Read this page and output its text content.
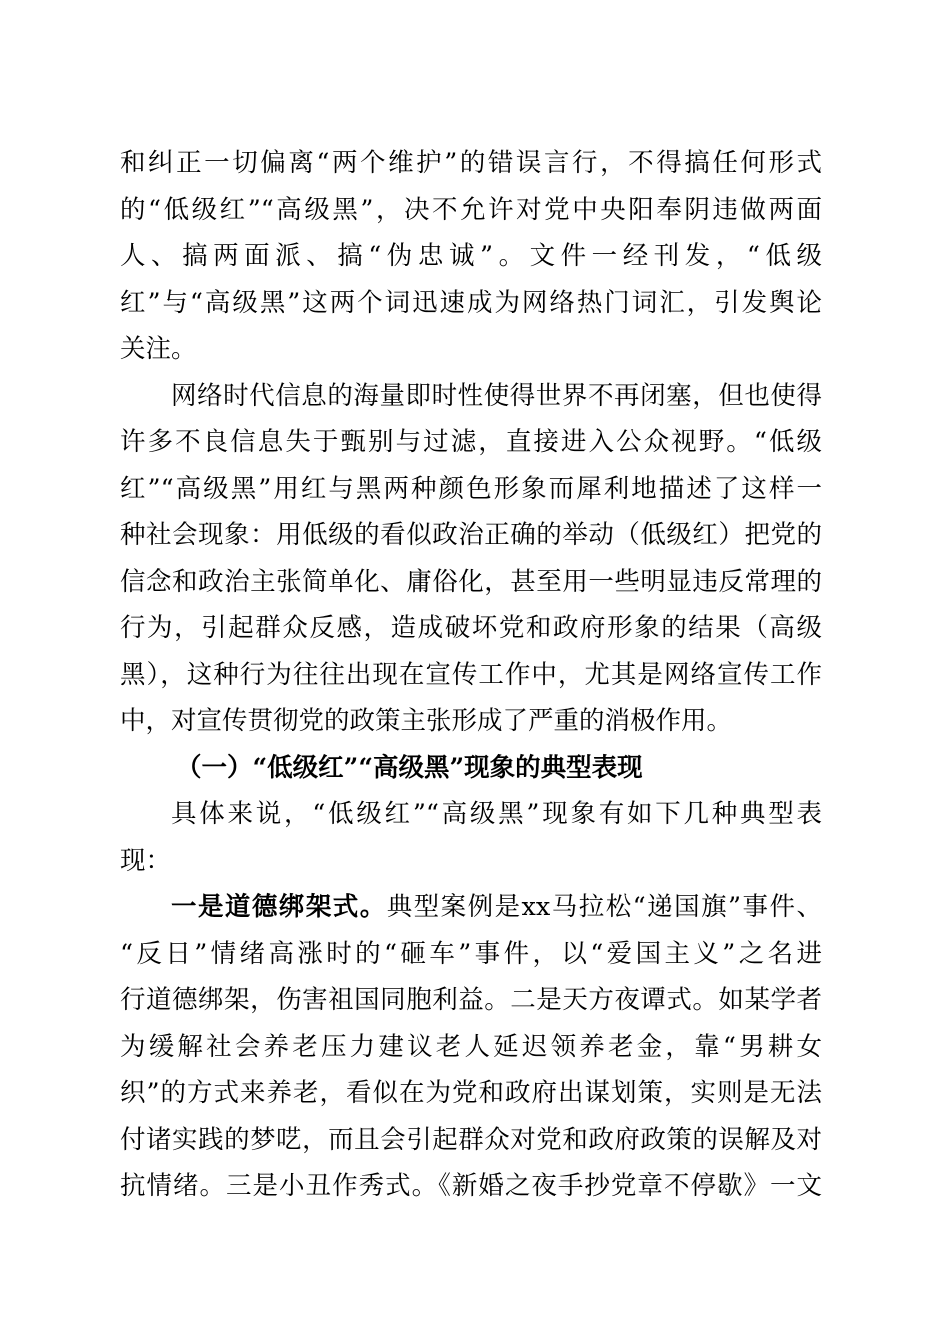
和纠正一切偏离“两个维护”的错误言行，不得搞任何形式
的“低级红”“高级黑”，决不允许对党中央阳奉阴违做两面
人、搞两面派、搞“伪忠诚”。文件一经刊发，“低级
红”与“高级黑”这两个词迅速成为网络热门词汇，引发舆论
关注。
网络时代信息的海量即时性使得世界不再闭塞，但也使得
许多不良信息失于甄别与过滤，直接进入公众视野。“低级
红”“高级黑”用红与黑两种颜色形象而犀利地描述了这样一
种社会现象：用低级的看似政治正确的举动（低级红）把党的
信念和政治主张简单化、庸俗化，甚至用一些明显违反常理的
行为，引起群众反感，造成破坏党和政府形象的结果（高级
黑），这种行为往往出现在宣传工作中，尤其是网络宣传工作
中，对宣传贯彻党的政策主张形成了严重的消极作用。
（一）“低级红”“高级黑”现象的典型表现
具体来说，“低级红”“高级黑”现象有如下几种典型表
现：
一是道德绑架式。典型案例是xx马拉松“递国旗”事件、
“反日”情绪高涨时的“砸车”事件，以“爱国主义”之名进
行道德绑架，伤害祖国同胞利益。二是天方夜谭式。如某学者
为缓解社会养老压力建议老人延迟领养老金，靠“男耕女
织”的方式来养老，看似在为党和政府出谋划策，实则是无法
付诸实践的梦呓，而且会引起群众对党和政府政策的误解及对
抗情绪。三是小丑作秀式。《新婚之夜手抄党章不停歇》一文
